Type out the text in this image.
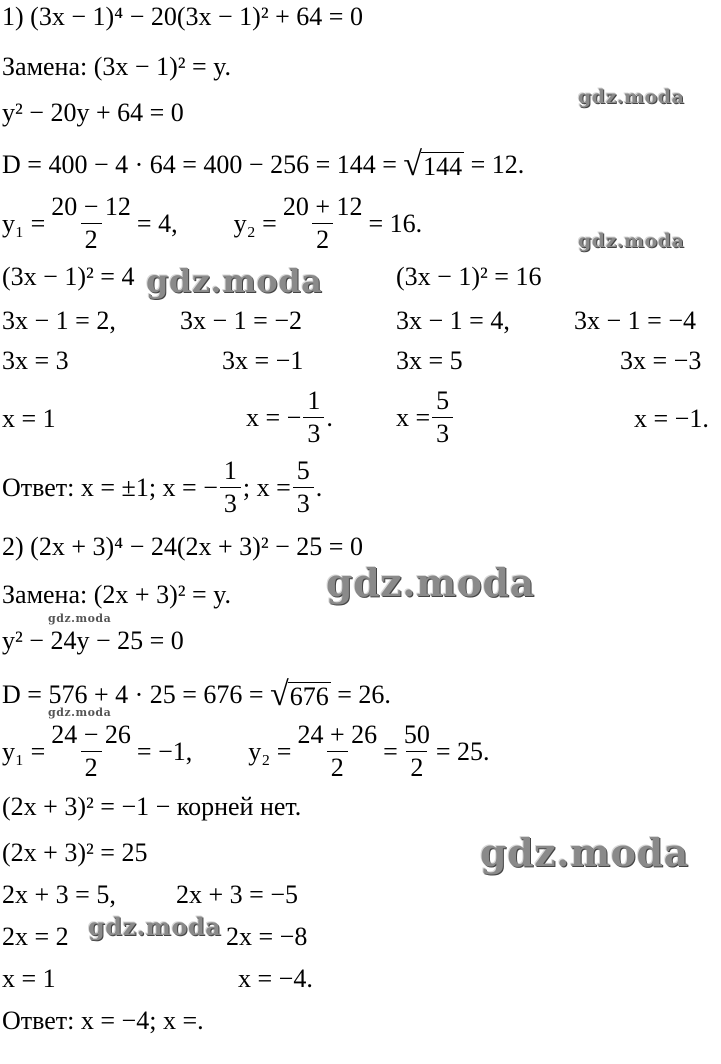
1) (3x − 1)⁴ − 20(3x − 1)² + 64 = 0
Замена: (3x − 1)² = y.
y² − 20y + 64 = 0
D = 400 − 4 · 64 = 400 − 256 = 144 = √ 144 = 12.
$y_1 = \frac{20 - 12}{2} = 4$, $y_2 = \frac{20 + 12}{2} = 16$.
(3x − 1)² = 4	(3x − 1)² = 16
3x − 1 = 2, 3x − 1 = −2	3x − 1 = 4, 3x − 1 = −4
3x = 3	3x = −1	3x = 5	3x = −3
x = 1	x = − $\frac{1}{3}$ . $x = \frac{5}{3}$	x = −1.
Ответ:
x = ±1; x = − $\frac{1}{3}$ ; $x = \frac{5}{3}$ .
2) (2x + 3)⁴ − 24(2x + 3)² − 25 = 0
Замена: (2x + 3)² = y.
y² − 24y − 25 = 0
D = 576 + 4 · 25 = 676 = √ 676 = 26.
$y_1 = \frac{24 - 26}{2} = -1$, $y_2 = \frac{24 + 26}{2} = \frac{50}{2} = 25$.
(2x + 3)² = −1 − корней нет.
(2x + 3)² = 25
2x + 3 = 5, 2x + 3 = −5
2x = 2	2x = −8
x = 1	x = −4.
Ответ: x = −4; x =.
gdz.moda
gdz.moda
gdz.moda
gdz.moda
gdz.moda
gdz.moda
gdz.moda
gdz.moda
